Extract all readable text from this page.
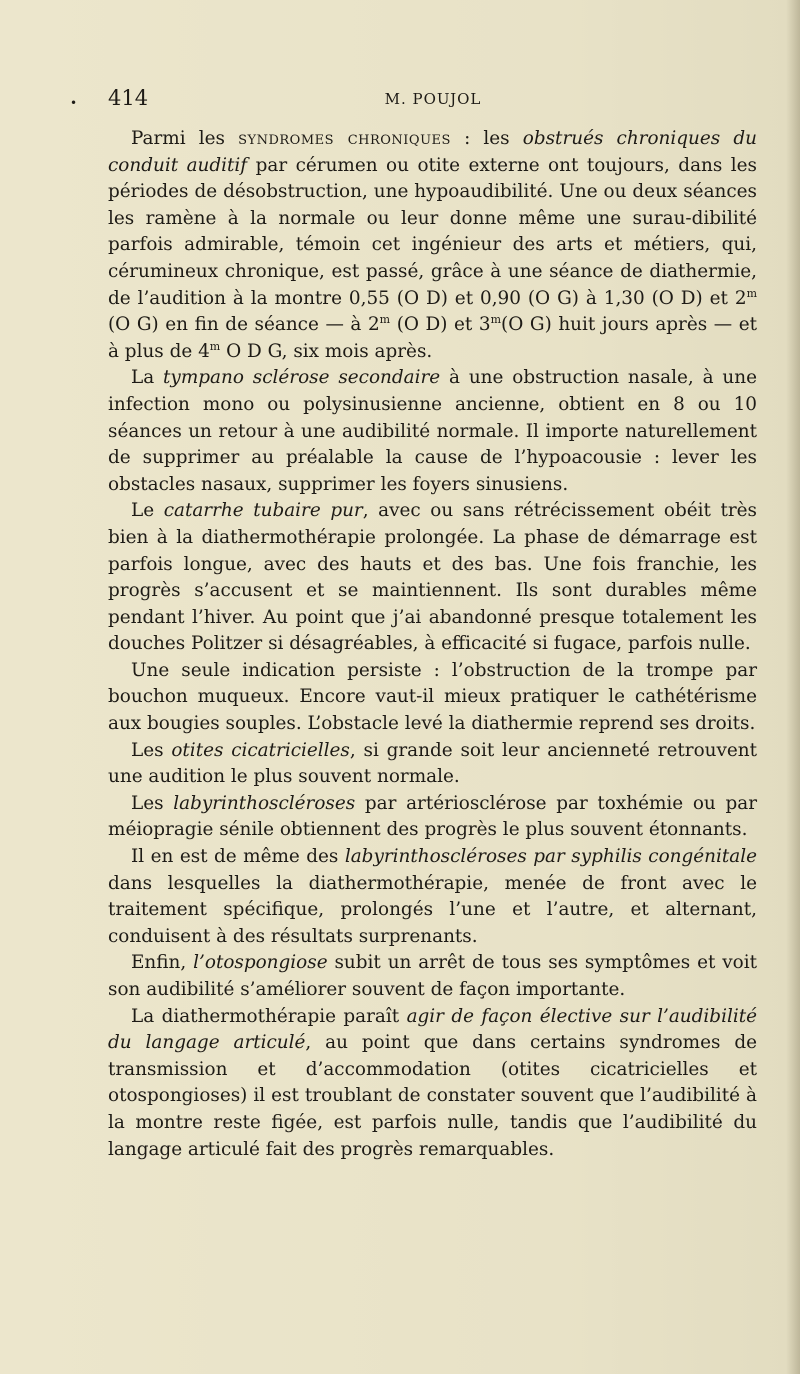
• 414	M. POUJOL

Parmi les syndromes chroniques : les obstrués chroniques du conduit auditif par cérumen ou otite externe ont toujours, dans les périodes de désobstruction, une hypoaudibilité. Une ou deux séances les ramène à la normale ou leur donne même une surau-dibilité parfois admirable, témoin cet ingénieur des arts et métiers, qui, cérumineux chronique, est passé, grâce à une séance de diathermie, de l’audition à la montre 0,55 (O D) et 0,90 (O G) à 1,30 (O D) et 2$^m$ (O G) en fin de séance — à 2$^m$ (O D) et 3$^m$(O G) huit jours après — et à plus de 4$^m$ O D G, six mois après.

La tympano sclérose secondaire à une obstruction nasale, à une infection mono ou polysinusienne ancienne, obtient en 8 ou 10 séances un retour à une audibilité normale. Il importe naturellement de supprimer au préalable la cause de l’hypoacousie : lever les obstacles nasaux, supprimer les foyers sinusiens.

Le catarrhe tubaire pur, avec ou sans rétrécissement obéit très bien à la diathermothérapie prolongée. La phase de démarrage est parfois longue, avec des hauts et des bas. Une fois franchie, les progrès s’accusent et se maintiennent. Ils sont durables même pendant l’hiver. Au point que j’ai abandonné presque totalement les douches Politzer si désagréables, à efficacité si fugace, parfois nulle.

Une seule indication persiste : l’obstruction de la trompe par bouchon muqueux. Encore vaut-il mieux pratiquer le cathétérisme aux bougies souples. L’obstacle levé la diathermie reprend ses droits.

Les otites cicatricielles, si grande soit leur ancienneté retrouvent une audition le plus souvent normale.

Les labyrinthoscléroses par artériosclérose par toxhémie ou par méiopragie sénile obtiennent des progrès le plus souvent étonnants.

Il en est de même des labyrinthoscléroses par syphilis congénitale dans lesquelles la diathermothérapie, menée de front avec le traitement spécifique, prolongés l’une et l’autre, et alternant, conduisent à des résultats surprenants.

Enfin, l’otospongiose subit un arrêt de tous ses symptômes et voit son audibilité s’améliorer souvent de façon importante.

La diathermothérapie paraît agir de façon élective sur l’audibilité du langage articulé, au point que dans certains syndromes de transmission et d’accommodation (otites cicatricielles et otospongioses) il est troublant de constater souvent que l’audibilité à la montre reste figée, est parfois nulle, tandis que l’audibilité du langage articulé fait des progrès remarquables.
